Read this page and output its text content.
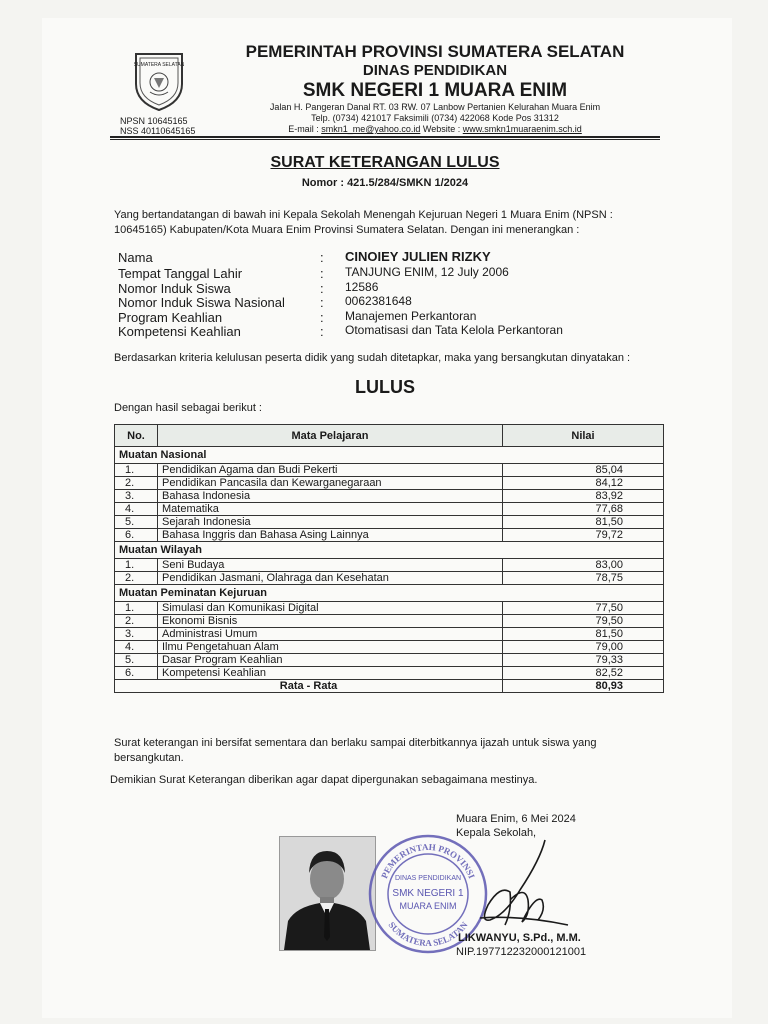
SUMATERA SELATAN
NPSN 10645165
NSS 40110645165
PEMERINTAH PROVINSI SUMATERA SELATAN
DINAS PENDIDIKAN
SMK NEGERI 1 MUARA ENIM
Jalan H. Pangeran Danal RT. 03 RW. 07 Lanbow Pertanien Kelurahan Muara Enim
Telp. (0734) 421017 Faksimili (0734) 422068 Kode Pos 31312
E-mail : smkn1_me@yahoo.co.id Website : www.smkn1muaraenim.sch.id
SURAT KETERANGAN LULUS
Nomor : 421.5/284/SMKN 1/2024
Yang bertandatangan di bawah ini Kepala Sekolah Menengah Kejuruan Negeri 1 Muara Enim (NPSN : 10645165) Kabupaten/Kota Muara Enim Provinsi Sumatera Selatan. Dengan ini menerangkan :
Nama	: CINOIEY JULIEN RIZKY
Tempat Tanggal Lahir	: TANJUNG ENIM, 12 July 2006
Nomor Induk Siswa	: 12586
Nomor Induk Siswa Nasional	: 0062381648
Program Keahlian	: Manajemen Perkantoran
Kompetensi Keahlian	: Otomatisasi dan Tata Kelola Perkantoran
Berdasarkan kriteria kelulusan peserta didik yang sudah ditetapkar, maka yang bersangkutan dinyatakan :
LULUS
Dengan hasil sebagai berikut :
No.	Mata Pelajaran	Nilai
Muatan Nasional		
1.	Pendidikan Agama dan Budi Pekerti	85,04
2.	Pendidikan Pancasila dan Kewarganegaraan	84,12
3.	Bahasa Indonesia	83,92
4.	Matematika	77,68
5.	Sejarah Indonesia	81,50
6.	Bahasa Inggris dan Bahasa Asing Lainnya	79,72
Muatan Wilayah		
1.	Seni Budaya	83,00
2.	Pendidikan Jasmani, Olahraga dan Kesehatan	78,75
Muatan Peminatan Kejuruan		
1.	Simulasi dan Komunikasi Digital	77,50
2.	Ekonomi Bisnis	79,50
3.	Administrasi Umum	81,50
4.	Ilmu Pengetahuan Alam	79,00
5.	Dasar Program Keahlian	79,33
6.	Kompetensi Keahlian	82,52
Rata - Rata		80,93
Surat keterangan ini bersifat sementara dan berlaku sampai diterbitkannya ijazah untuk siswa yang bersangkutan.
Demikian Surat Keterangan diberikan agar dapat dipergunakan sebagaimana mestinya.
Muara Enim, 6 Mei 2024
Kepala Sekolah,
PEMERINTAH PROVINSI
SUMATERA SELATAN
DINAS PENDIDIKAN
SMK NEGERI 1
MUARA ENIM
LIKWANYU, S.Pd., M.M.
NIP.197712232000121001
